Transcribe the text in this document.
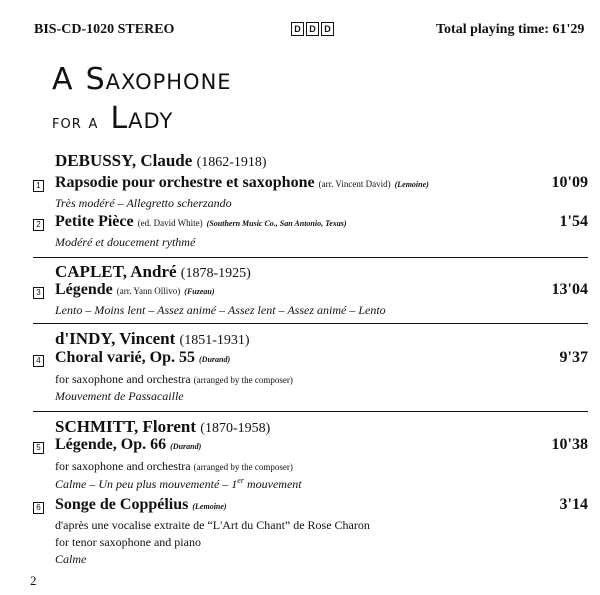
BIS-CD-1020 STEREO	D D D	Total playing time: 61'29
A Saxophone
for a Lady
DEBUSSY, Claude (1862-1918)
1 Rapsodie pour orchestre et saxophone (arr. Vincent David) (Lemoine)	10'09
Très modéré – Allegretto scherzando
2 Petite Pièce (ed. David White) (Southern Music Co., San Antonio, Texas)	1'54
Modéré et doucement rythmé
CAPLET, André (1878-1925)
3 Légende (arr. Yann Ollivo) (Fuzeau)	13'04
Lento – Moins lent – Assez animé – Assez lent – Assez animé – Lento
d'INDY, Vincent (1851-1931)
4 Choral varié, Op. 55 (Durand)	9'37
for saxophone and orchestra (arranged by the composer)
Mouvement de Passacaille
SCHMITT, Florent (1870-1958)
5 Légende, Op. 66 (Durand)	10'38
for saxophone and orchestra (arranged by the composer)
Calme – Un peu plus mouvementé – 1er mouvement
6 Songe de Coppélius (Lemoine)	3'14
d'après une vocalise extraite de “L'Art du Chant” de Rose Charon
for tenor saxophone and piano
Calme
2
